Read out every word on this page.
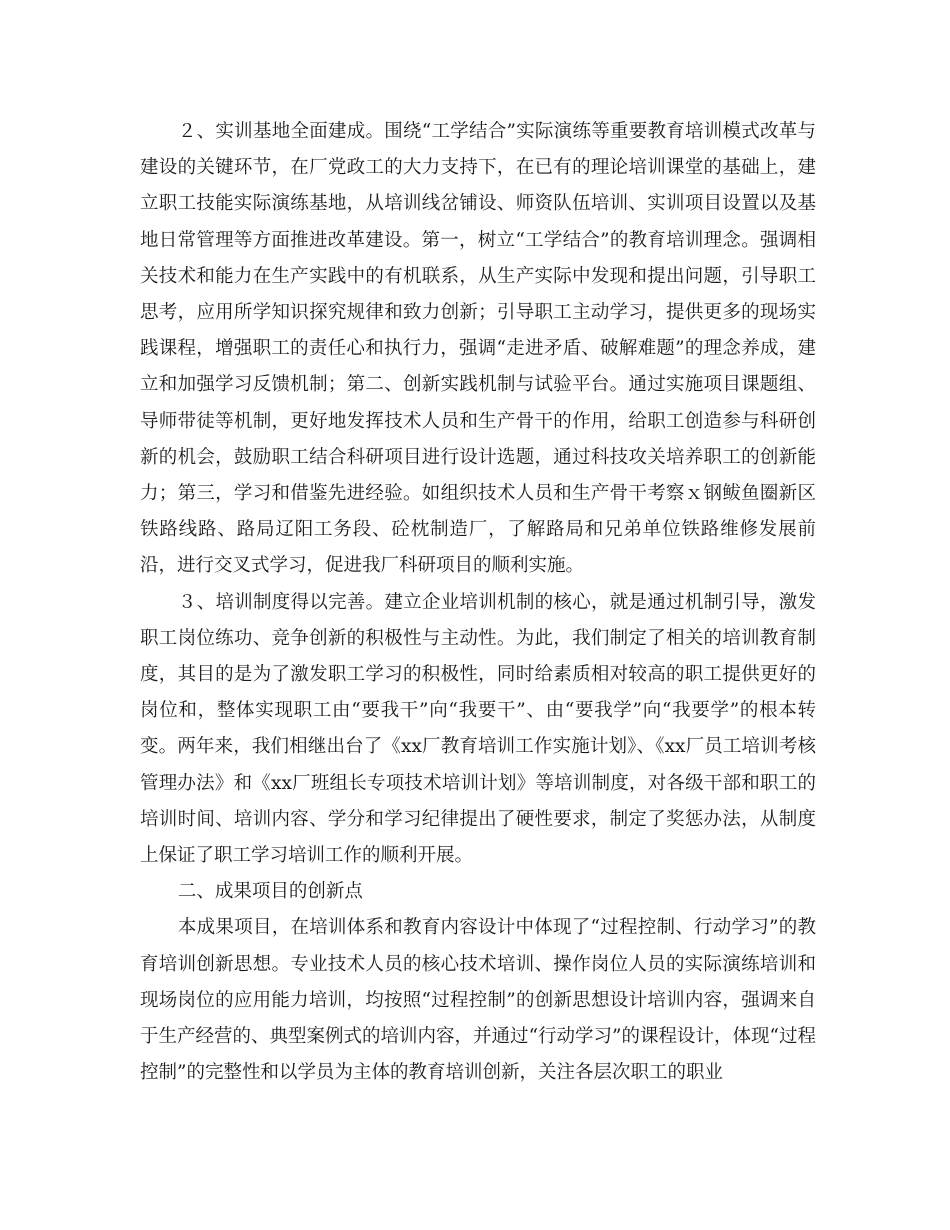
２、实训基地全面建成。围绕“工学结合”实际演练等重要教育培训模式改革与建设的关键环节，在厂党政工的大力支持下，在已有的理论培训课堂的基础上，建立职工技能实际演练基地，从培训线岔铺设、师资队伍培训、实训项目设置以及基地日常管理等方面推进改革建设。第一，树立“工学结合”的教育培训理念。强调相关技术和能力在生产实践中的有机联系，从生产实际中发现和提出问题，引导职工思考，应用所学知识探究规律和致力创新；引导职工主动学习，提供更多的现场实践课程，增强职工的责任心和执行力，强调“走进矛盾、破解难题”的理念养成，建立和加强学习反馈机制；第二、创新实践机制与试验平台。通过实施项目课题组、导师带徒等机制，更好地发挥技术人员和生产骨干的作用，给职工创造参与科研创新的机会，鼓励职工结合科研项目进行设计选题，通过科技攻关培养职工的创新能力；第三，学习和借鉴先进经验。如组织技术人员和生产骨干考察ｘ钢鲅鱼圈新区铁路线路、路局辽阳工务段、砼枕制造厂，了解路局和兄弟单位铁路维修发展前沿，进行交叉式学习，促进我厂科研项目的顺利实施。

３、培训制度得以完善。建立企业培训机制的核心，就是通过机制引导，激发职工岗位练功、竞争创新的积极性与主动性。为此，我们制定了相关的培训教育制度，其目的是为了激发职工学习的积极性，同时给素质相对较高的职工提供更好的岗位和，整体实现职工由“要我干”向“我要干”、由“要我学”向“我要学”的根本转变。两年来，我们相继出台了《xx厂教育培训工作实施计划》、《xx厂员工培训考核管理办法》和《xx厂班组长专项技术培训计划》等培训制度，对各级干部和职工的培训时间、培训内容、学分和学习纪律提出了硬性要求，制定了奖惩办法，从制度上保证了职工学习培训工作的顺利开展。

二、成果项目的创新点

本成果项目，在培训体系和教育内容设计中体现了“过程控制、行动学习”的教育培训创新思想。专业技术人员的核心技术培训、操作岗位人员的实际演练培训和现场岗位的应用能力培训，均按照“过程控制”的创新思想设计培训内容，强调来自于生产经营的、典型案例式的培训内容，并通过“行动学习”的课程设计，体现“过程控制”的完整性和以学员为主体的教育培训创新，关注各层次职工的职业
